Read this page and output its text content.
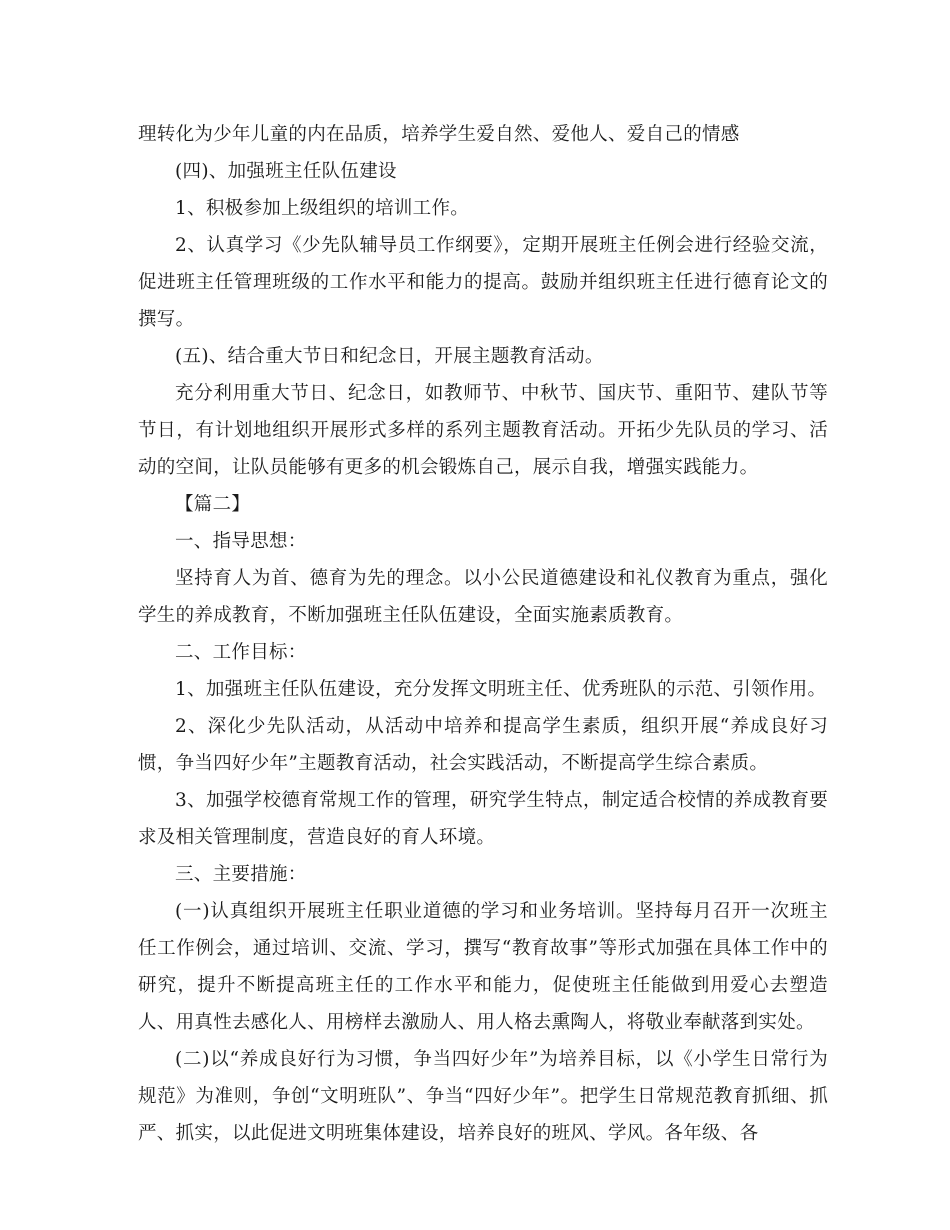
理转化为少年儿童的内在品质，培养学生爱自然、爱他人、爱自己的情感

(四)、加强班主任队伍建设

1、积极参加上级组织的培训工作。

2、认真学习《少先队辅导员工作纲要》，定期开展班主任例会进行经验交流，促进班主任管理班级的工作水平和能力的提高。鼓励并组织班主任进行德育论文的撰写。

(五)、结合重大节日和纪念日，开展主题教育活动。

充分利用重大节日、纪念日，如教师节、中秋节、国庆节、重阳节、建队节等节日，有计划地组织开展形式多样的系列主题教育活动。开拓少先队员的学习、活动的空间，让队员能够有更多的机会锻炼自己，展示自我，增强实践能力。

【篇二】

一、指导思想：

坚持育人为首、德育为先的理念。以小公民道德建设和礼仪教育为重点，强化学生的养成教育，不断加强班主任队伍建设，全面实施素质教育。

二、工作目标：

1、加强班主任队伍建设，充分发挥文明班主任、优秀班队的示范、引领作用。

2、深化少先队活动，从活动中培养和提高学生素质，组织开展“养成良好习惯，争当四好少年”主题教育活动，社会实践活动，不断提高学生综合素质。

3、加强学校德育常规工作的管理，研究学生特点，制定适合校情的养成教育要求及相关管理制度，营造良好的育人环境。

三、主要措施：

(一)认真组织开展班主任职业道德的学习和业务培训。坚持每月召开一次班主任工作例会，通过培训、交流、学习，撰写“教育故事”等形式加强在具体工作中的研究，提升不断提高班主任的工作水平和能力，促使班主任能做到用爱心去塑造人、用真性去感化人、用榜样去激励人、用人格去熏陶人，将敬业奉献落到实处。

(二)以“养成良好行为习惯，争当四好少年”为培养目标，以《小学生日常行为规范》为准则，争创“文明班队”、争当“四好少年”。把学生日常规范教育抓细、抓严、抓实，以此促进文明班集体建设，培养良好的班风、学风。各年级、各
